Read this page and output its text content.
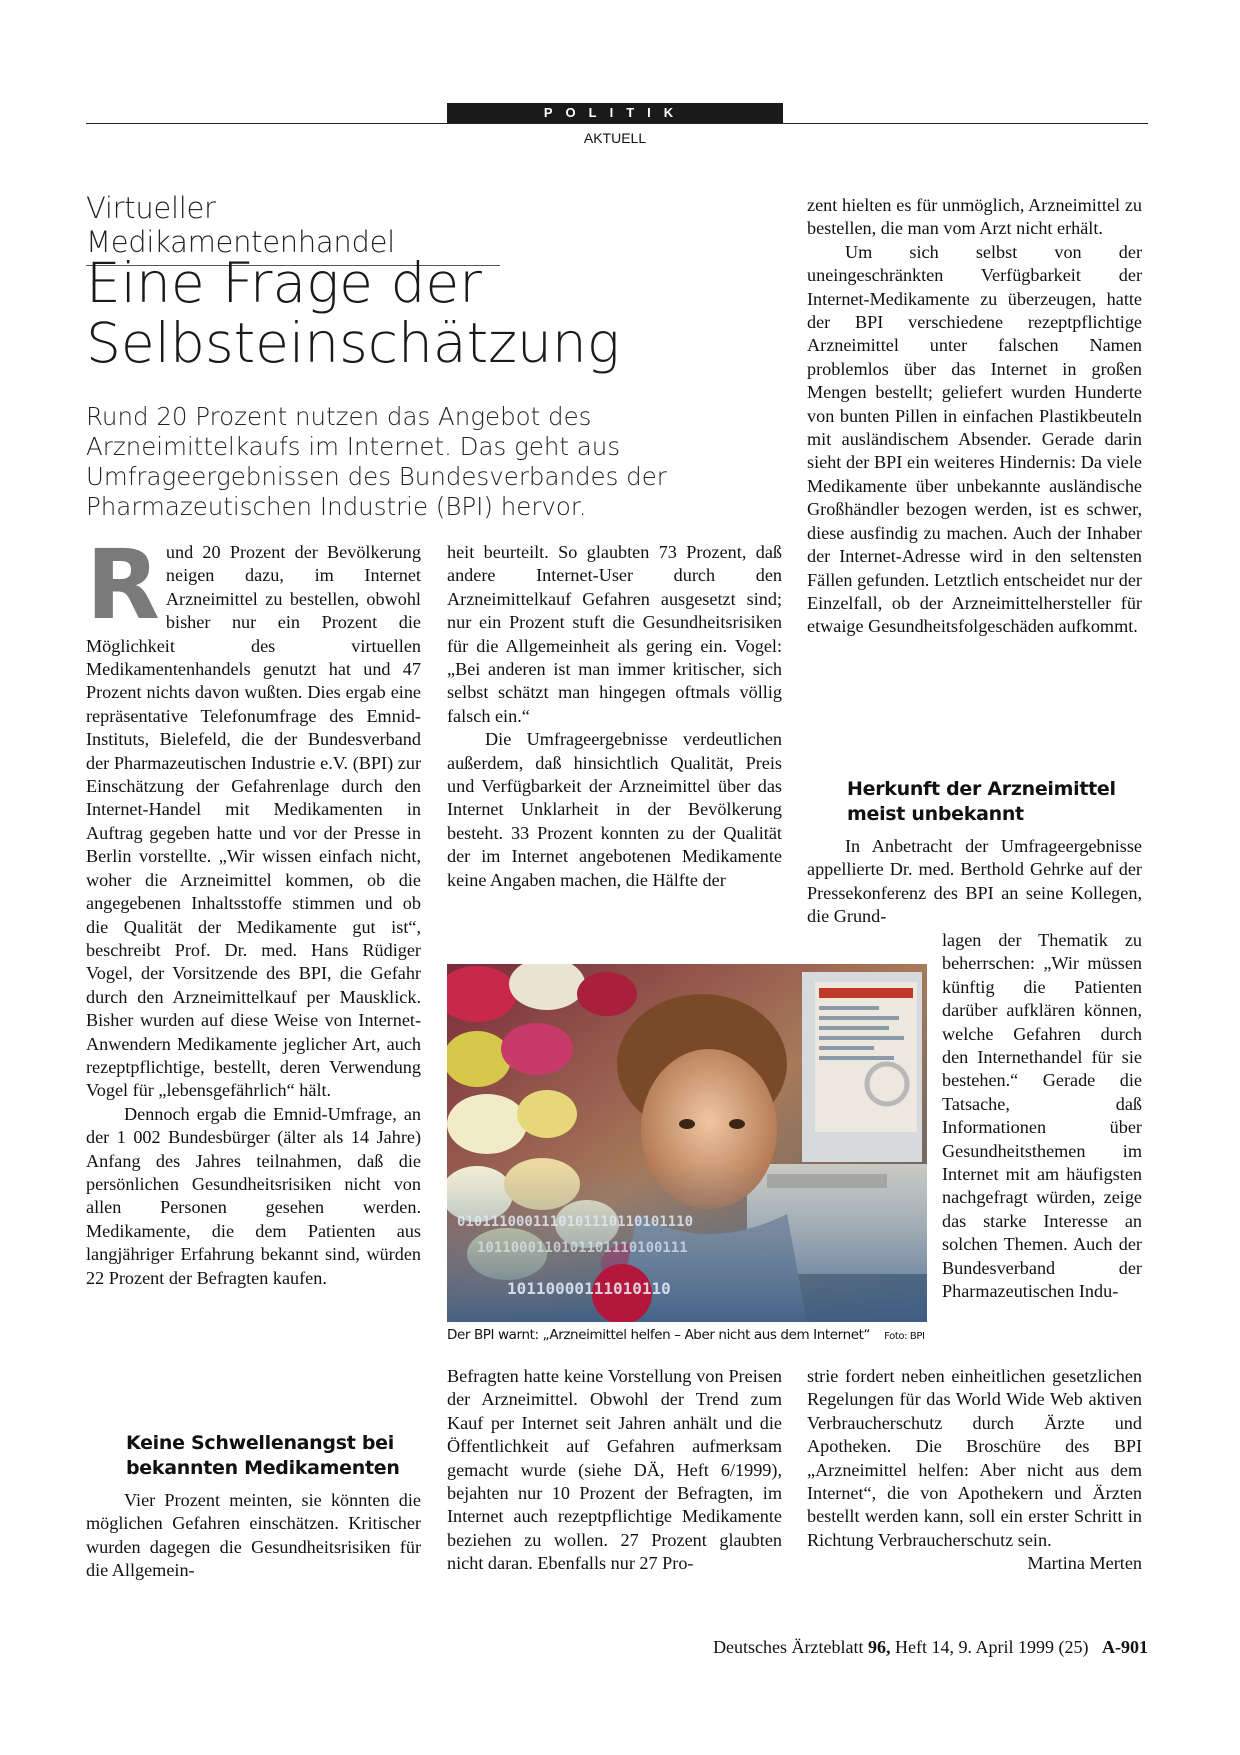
POLITIK
AKTUELL
Virtueller Medikamentenhandel
Eine Frage der
Selbsteinschätzung
Rund 20 Prozent nutzen das Angebot des Arzneimittelkaufs im Internet. Das geht aus Umfrageergebnissen des Bundesverbandes der Pharmazeutischen Industrie (BPI) hervor.

Rund 20 Prozent der Bevölkerung neigen dazu, im Internet Arzneimittel zu bestellen, obwohl bisher nur ein Prozent die Möglichkeit des virtuellen Medikamentenhandels genutzt hat und 47 Prozent nichts davon wußten. Dies ergab eine repräsentative Telefonumfrage des Emnid-Instituts, Bielefeld, die der Bundesverband der Pharmazeutischen Industrie e.V. (BPI) zur Einschätzung der Gefahrenlage durch den Internet-Handel mit Medikamenten in Auftrag gegeben hatte und vor der Presse in Berlin vorstellte. „Wir wissen einfach nicht, woher die Arzneimittel kommen, ob die angegebenen Inhaltsstoffe stimmen und ob die Qualität der Medikamente gut ist“, beschreibt Prof. Dr. med. Hans Rüdiger Vogel, der Vorsitzende des BPI, die Gefahr durch den Arzneimittelkauf per Mausklick. Bisher wurden auf diese Weise von Internet-Anwendern Medikamente jeglicher Art, auch rezeptpflichtige, bestellt, deren Verwendung Vogel für „lebensgefährlich“ hält.

Dennoch ergab die Emnid-Umfrage, an der 1 002 Bundesbürger (älter als 14 Jahre) Anfang des Jahres teilnahmen, daß die persönlichen Gesundheitsrisiken nicht von allen Personen gesehen werden. Medikamente, die dem Patienten aus langjähriger Erfahrung bekannt sind, würden 22 Prozent der Befragten kaufen.

Keine Schwellenangst bei bekannten Medikamenten

Vier Prozent meinten, sie könnten die möglichen Gefahren einschätzen. Kritischer wurden dagegen die Gesundheitsrisiken für die Allgemein-

heit beurteilt. So glaubten 73 Prozent, daß andere Internet-User durch den Arzneimittelkauf Gefahren ausgesetzt sind; nur ein Prozent stuft die Gesundheitsrisiken für die Allgemeinheit als gering ein. Vogel: „Bei anderen ist man immer kritischer, sich selbst schätzt man hingegen oftmals völlig falsch ein.“

Die Umfrageergebnisse verdeutlichen außerdem, daß hinsichtlich Qualität, Preis und Verfügbarkeit der Arzneimittel über das Internet Unklarheit in der Bevölkerung besteht. 33 Prozent konnten zu der Qualität der im Internet angebotenen Medikamente keine Angaben machen, die Hälfte der

0101110001110101110110101110
1011000110101101110100111
10110000111010110
Der BPI warnt: „Arzneimittel helfen – Aber nicht aus dem Internet“ Foto: BPI

Befragten hatte keine Vorstellung von Preisen der Arzneimittel. Obwohl der Trend zum Kauf per Internet seit Jahren anhält und die Öffentlichkeit auf Gefahren aufmerksam gemacht wurde (siehe DÄ, Heft 6/1999), bejahten nur 10 Prozent der Befragten, im Internet auch rezeptpflichtige Medikamente beziehen zu wollen. 27 Prozent glaubten nicht daran. Ebenfalls nur 27 Pro-

zent hielten es für unmöglich, Arzneimittel zu bestellen, die man vom Arzt nicht erhält.

Um sich selbst von der uneingeschränkten Verfügbarkeit der Internet-Medikamente zu überzeugen, hatte der BPI verschiedene rezeptpflichtige Arzneimittel unter falschen Namen problemlos über das Internet in großen Mengen bestellt; geliefert wurden Hunderte von bunten Pillen in einfachen Plastikbeuteln mit ausländischem Absender. Gerade darin sieht der BPI ein weiteres Hindernis: Da viele Medikamente über unbekannte ausländische Großhändler bezogen werden, ist es schwer, diese ausfindig zu machen. Auch der Inhaber der Internet-Adresse wird in den seltensten Fällen gefunden. Letztlich entscheidet nur der Einzelfall, ob der Arzneimittelhersteller für etwaige Gesundheitsfolgeschäden aufkommt.

Herkunft der Arzneimittel meist unbekannt

In Anbetracht der Umfrageergebnisse appellierte Dr. med. Berthold Gehrke auf der Pressekonferenz des BPI an seine Kollegen, die Grund-

lagen der Thematik zu beherrschen: „Wir müssen künftig die Patienten darüber aufklären können, welche Gefahren durch den Internethandel für sie bestehen.“ Gerade die Tatsache, daß Informationen über Gesundheitsthemen im Internet mit am häufigsten nachgefragt würden, zeige das starke Interesse an solchen Themen. Auch der Bundesverband der Pharmazeutischen Indu-

strie fordert neben einheitlichen gesetzlichen Regelungen für das World Wide Web aktiven Verbraucherschutz durch Ärzte und Apotheken. Die Broschüre des BPI „Arzneimittel helfen: Aber nicht aus dem Internet“, die von Apothekern und Ärzten bestellt werden kann, soll ein erster Schritt in Richtung Verbraucherschutz sein.
Martina Merten

Deutsches Ärzteblatt 96, Heft 14, 9. April 1999 (25) A-901
